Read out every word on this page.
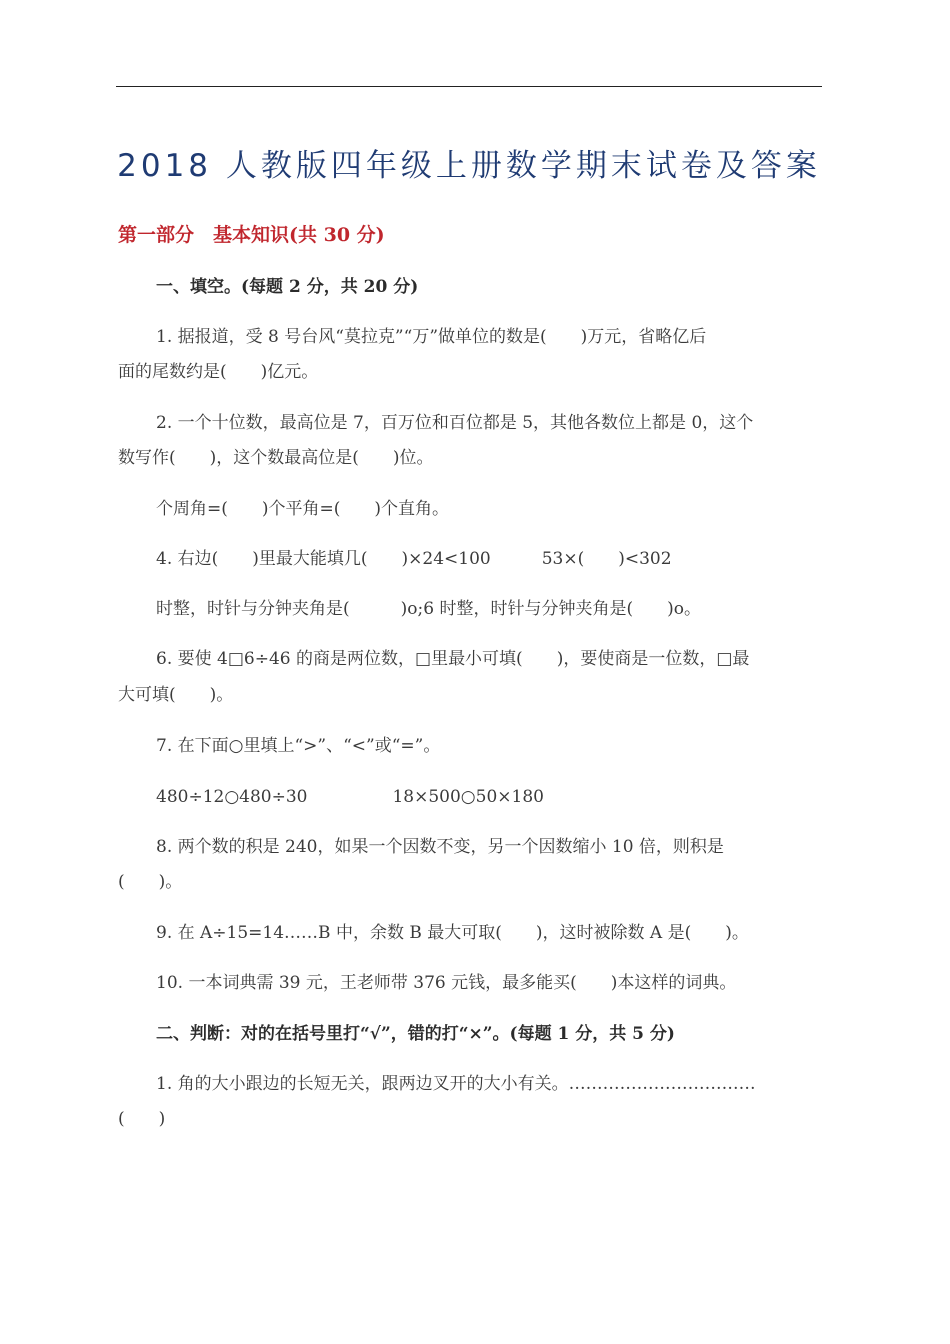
2018 人教版四年级上册数学期末试卷及答案
第一部分　基本知识(共 30 分)
一、填空。(每题 2 分，共 20 分)
1. 据报道，受 8 号台风“莫拉克”“万”做单位的数是(　　)万元，省略亿后
面的尾数约是(　　)亿元。
2. 一个十位数，最高位是 7，百万位和百位都是 5，其他各数位上都是 0，这个
数写作(　　)，这个数最高位是(　　)位。
个周角=(　　)个平角=(　　)个直角。
4. 右边(　　)里最大能填几(　　)×24<100　　　53×(　　)<302
时整，时针与分钟夹角是(　　　)o;6 时整，时针与分钟夹角是(　　)o。
6. 要使 4□6÷46 的商是两位数，□里最小可填(　　)，要使商是一位数，□最
大可填(　　)。
7. 在下面○里填上“>”、“<”或“=”。
480÷12○480÷30　　　　　18×500○50×180
8. 两个数的积是 240，如果一个因数不变，另一个因数缩小 10 倍，则积是
(　　)。
9. 在 A÷15=14……B 中，余数 B 最大可取(　　)，这时被除数 A 是(　　)。
10. 一本词典需 39 元，王老师带 376 元钱，最多能买(　　)本这样的词典。
二、判断：对的在括号里打“√”，错的打“×”。(每题 1 分，共 5 分)
1. 角的大小跟边的长短无关，跟两边叉开的大小有关。……………………………
(　　)
